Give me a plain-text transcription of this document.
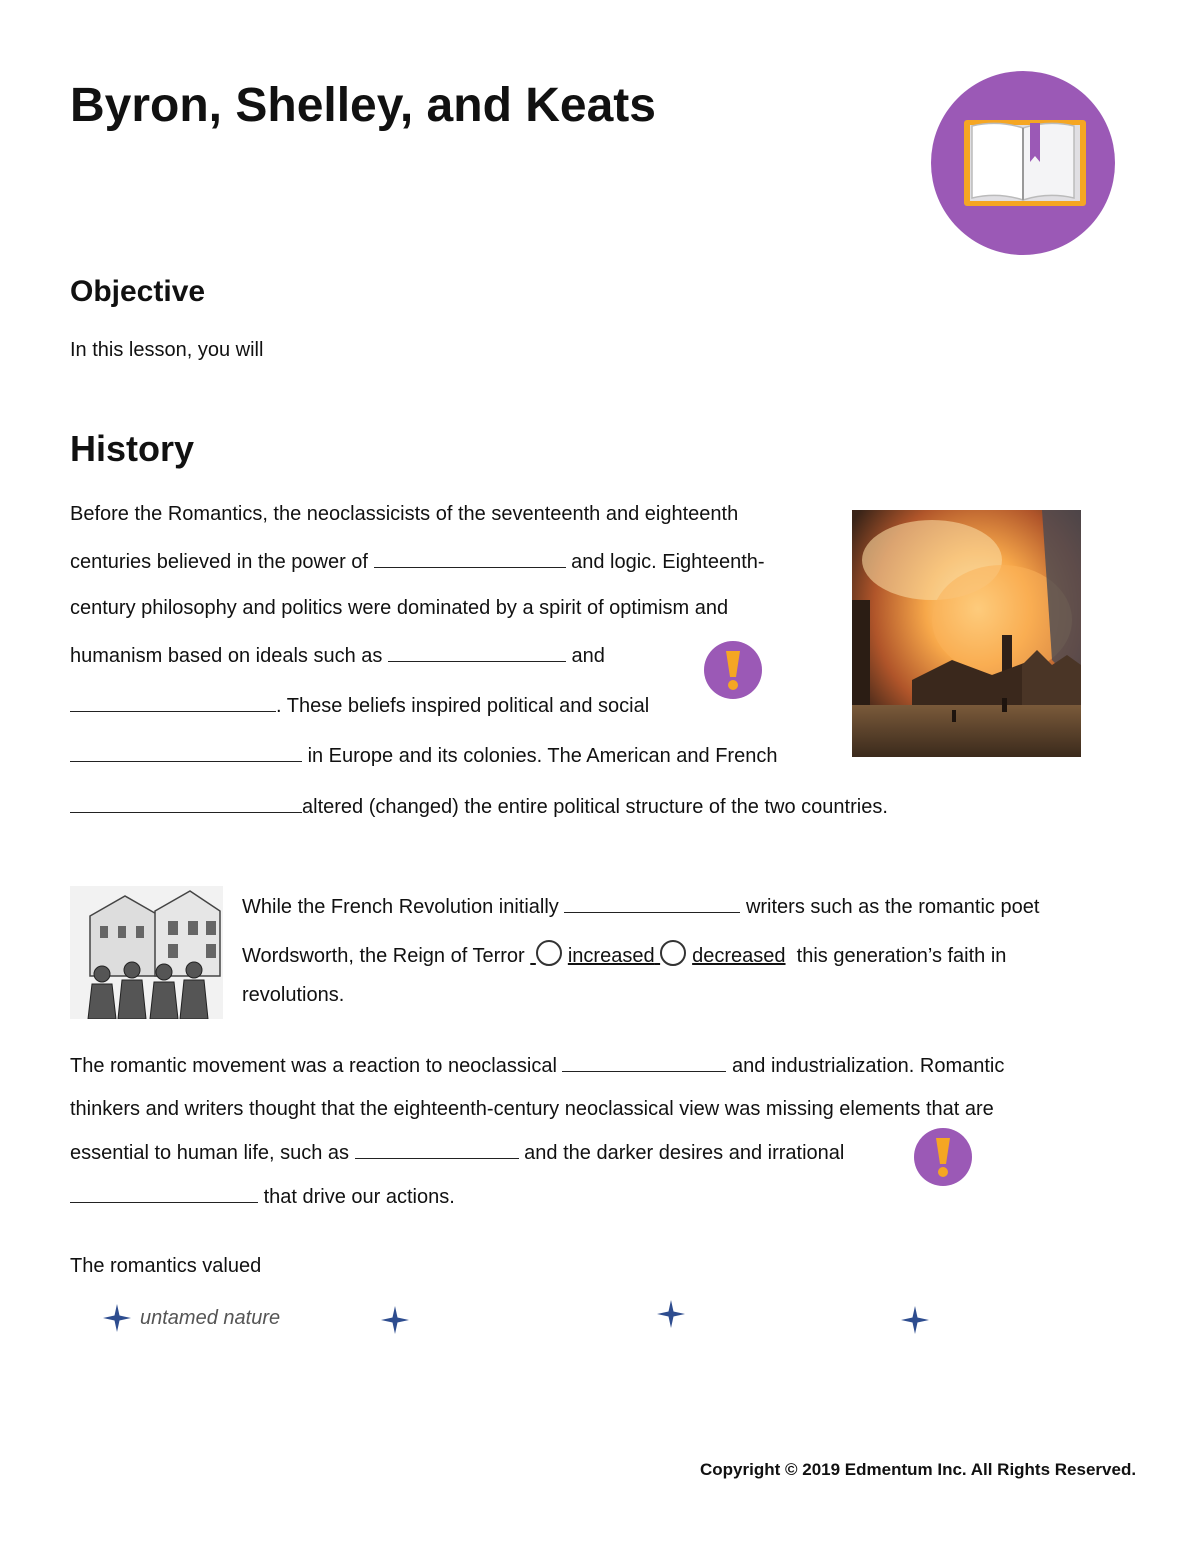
Byron, Shelley, and Keats
Objective
In this lesson, you will
History
Before the Romantics, the neoclassicists of the seventeenth and eighteenth
centuries believed in the power of	and logic. Eighteenth-
century philosophy and politics were dominated by a spirit of optimism and
humanism based on ideals such as	and
. These beliefs inspired political and social
in Europe and its colonies. The American and French
altered (changed) the entire political structure of the two countries.
While the French Revolution initially	writers such as the romantic poet
Wordsworth, the Reign of Terror increased decreased this generation’s faith in
revolutions.
The romantic movement was a reaction to neoclassical	and industrialization. Romantic
thinkers and writers thought that the eighteenth-century neoclassical view was missing elements that are
essential to human life, such as	and the darker desires and irrational
that drive our actions.
The romantics valued
untamed nature
Copyright © 2019 Edmentum Inc. All Rights Reserved.
